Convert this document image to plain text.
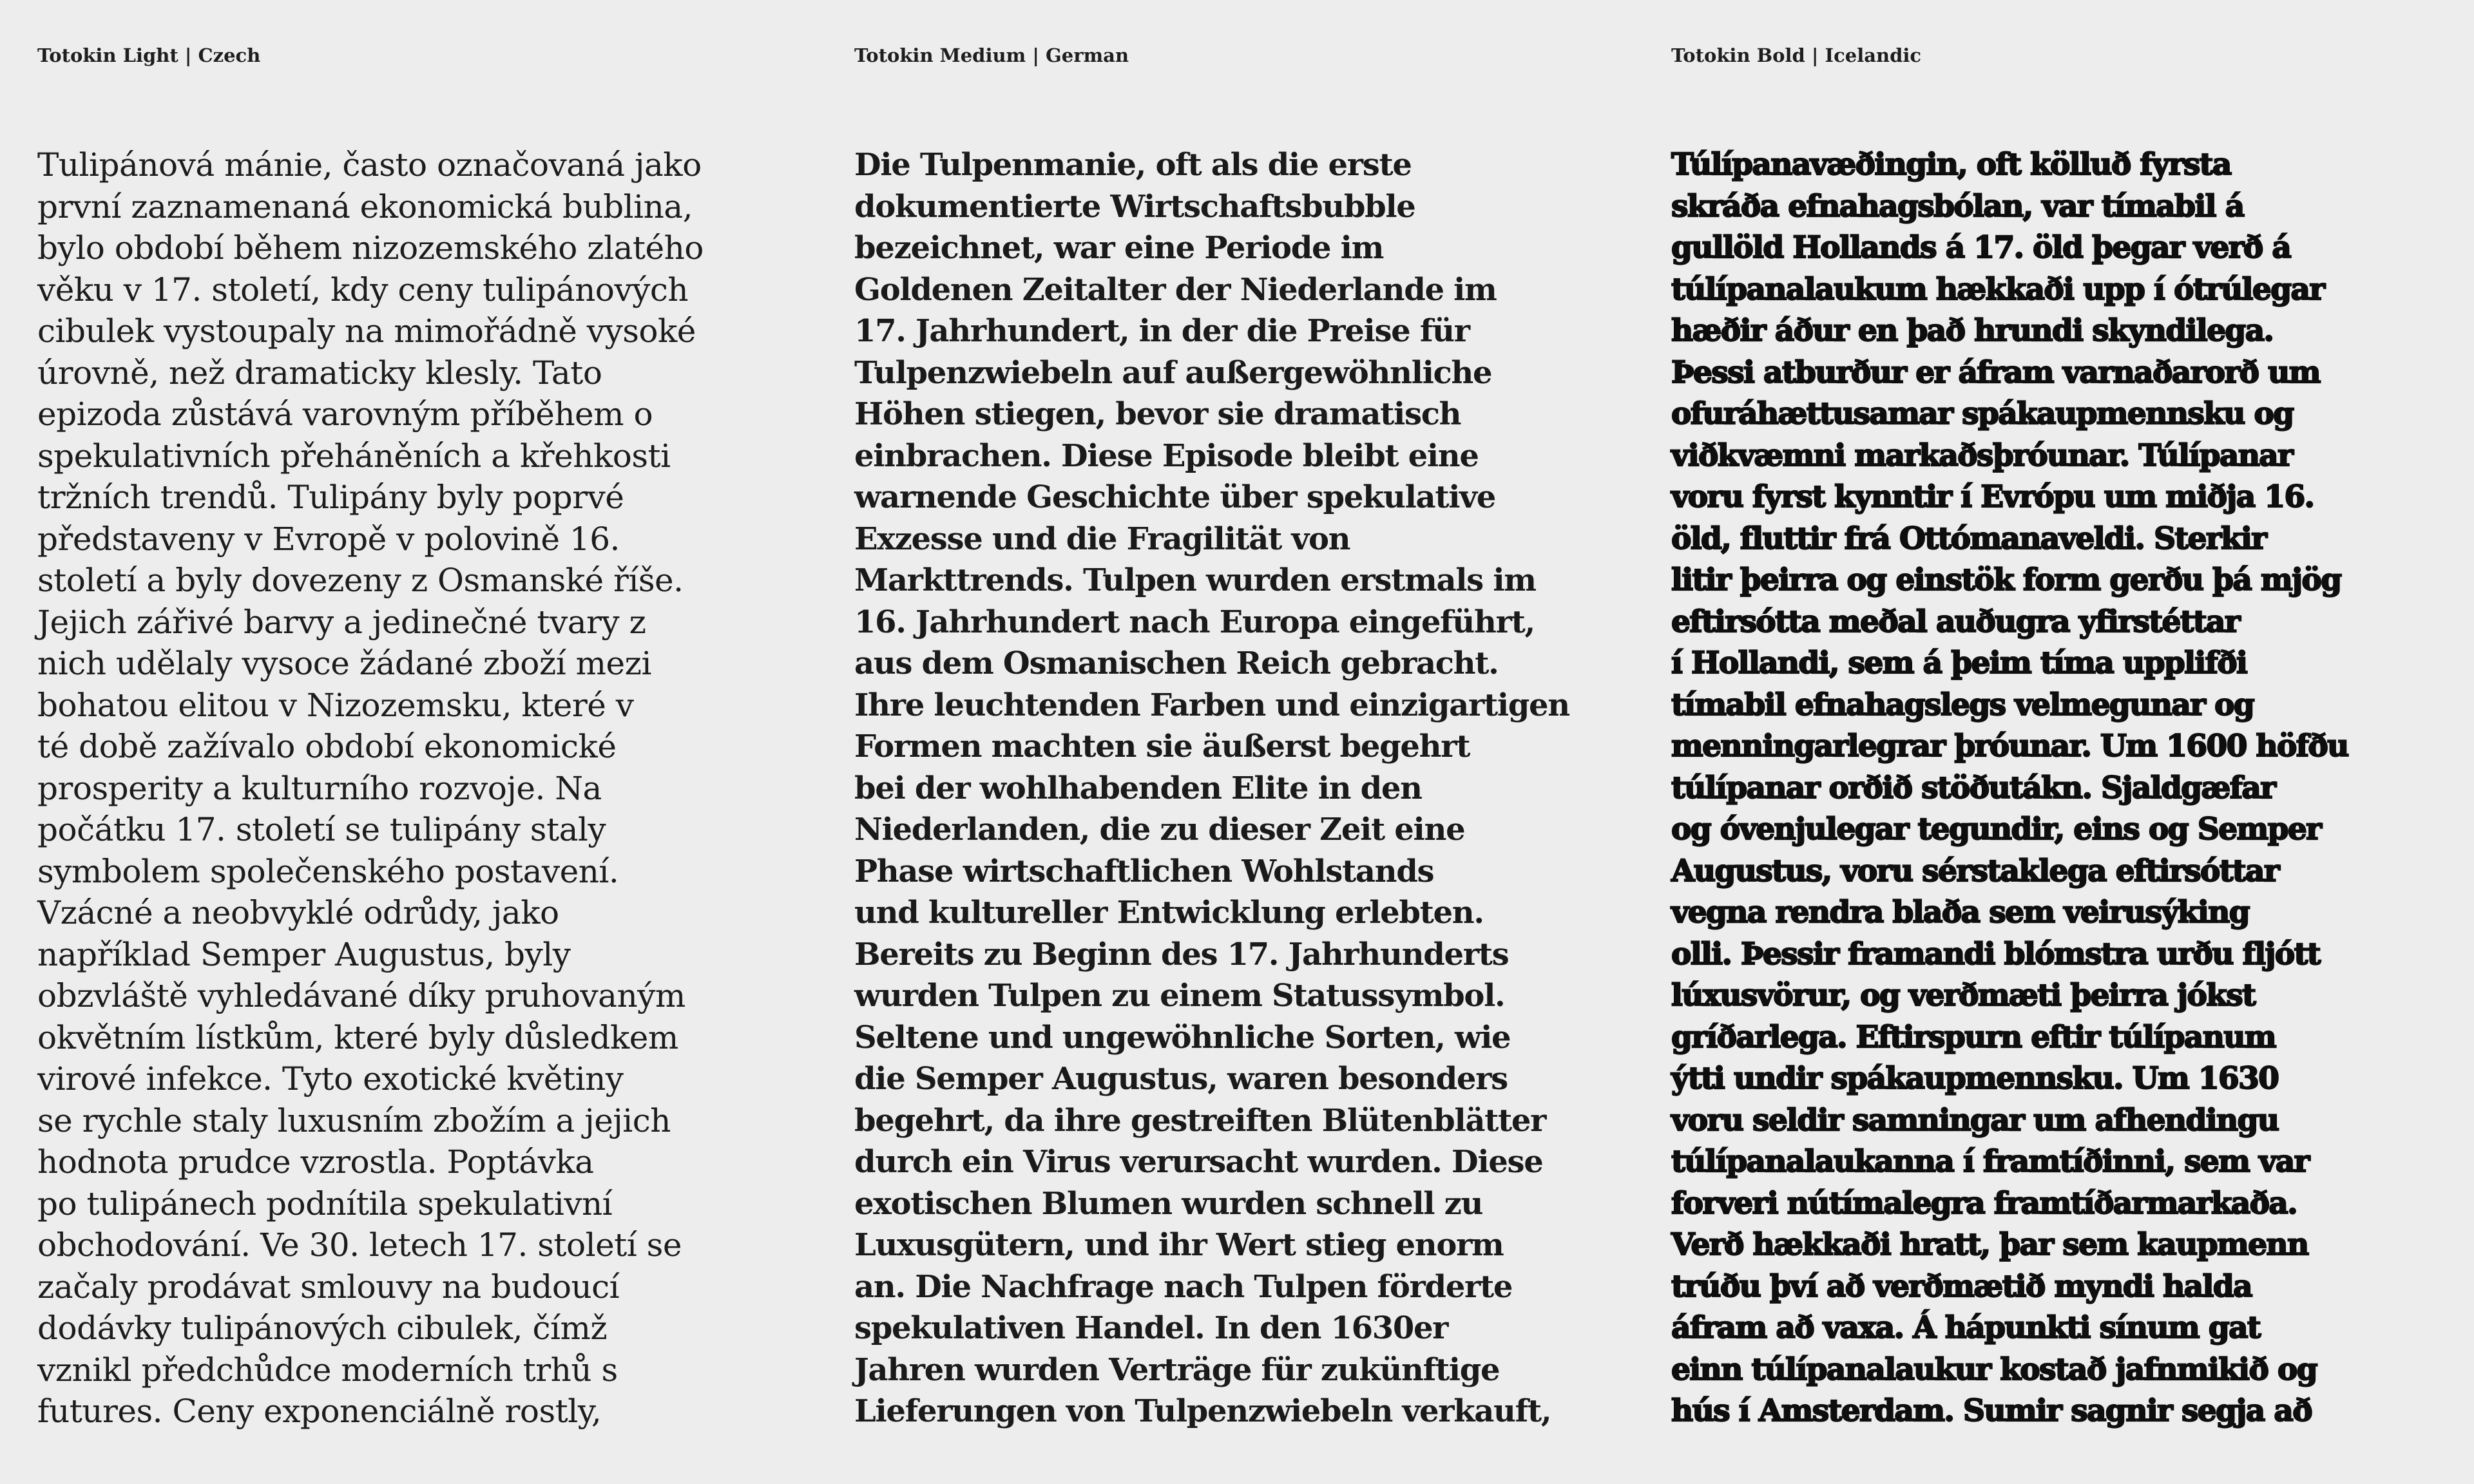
Totokin Light | Czech

Tulipánová mánie, často označovaná jako
první zaznamenaná ekonomická bublina,
bylo období během nizozemského zlatého
věku v 17. století, kdy ceny tulipánových
cibulek vystoupaly na mimořádně vysoké
úrovně, než dramaticky klesly. Tato
epizoda zůstává varovným příběhem o
spekulativních přeháněních a křehkosti
tržních trendů. Tulipány byly poprvé
představeny v Evropě v polovině 16.
století a byly dovezeny z Osmanské říše.
Jejich zářivé barvy a jedinečné tvary z
nich udělaly vysoce žádané zboží mezi
bohatou elitou v Nizozemsku, které v
té době zažívalo období ekonomické
prosperity a kulturního rozvoje. Na
počátku 17. století se tulipány staly
symbolem společenského postavení.
Vzácné a neobvyklé odrůdy, jako
například Semper Augustus, byly
obzvláště vyhledávané díky pruhovaným
okvětním lístkům, které byly důsledkem
virové infekce. Tyto exotické květiny
se rychle staly luxusním zbožím a jejich
hodnota prudce vzrostla. Poptávka
po tulipánech podnítila spekulativní
obchodování. Ve 30. letech 17. století se
začaly prodávat smlouvy na budoucí
dodávky tulipánových cibulek, čímž
vznikl předchůdce moderních trhů s
futures. Ceny exponenciálně rostly,

Totokin Medium | German

Die Tulpenmanie, oft als die erste
dokumentierte Wirtschaftsbubble
bezeichnet, war eine Periode im
Goldenen Zeitalter der Niederlande im
17. Jahrhundert, in der die Preise für
Tulpenzwiebeln auf außergewöhnliche
Höhen stiegen, bevor sie dramatisch
einbrachen. Diese Episode bleibt eine
warnende Geschichte über spekulative
Exzesse und die Fragilität von
Markttrends. Tulpen wurden erstmals im
16. Jahrhundert nach Europa eingeführt,
aus dem Osmanischen Reich gebracht.
Ihre leuchtenden Farben und einzigartigen
Formen machten sie äußerst begehrt
bei der wohlhabenden Elite in den
Niederlanden, die zu dieser Zeit eine
Phase wirtschaftlichen Wohlstands
und kultureller Entwicklung erlebten.
Bereits zu Beginn des 17. Jahrhunderts
wurden Tulpen zu einem Statussymbol.
Seltene und ungewöhnliche Sorten, wie
die Semper Augustus, waren besonders
begehrt, da ihre gestreiften Blütenblätter
durch ein Virus verursacht wurden. Diese
exotischen Blumen wurden schnell zu
Luxusgütern, und ihr Wert stieg enorm
an. Die Nachfrage nach Tulpen förderte
spekulativen Handel. In den 1630er
Jahren wurden Verträge für zukünftige
Lieferungen von Tulpenzwiebeln verkauft,

Totokin Bold | Icelandic

Túlípanavæðingin, oft kölluð fyrsta
skráða efnahagsbólan, var tímabil á
gullöld Hollands á 17. öld þegar verð á
túlípanalaukum hækkaði upp í ótrúlegar
hæðir áður en það hrundi skyndilega.
Þessi atburður er áfram varnaðarorð um
ofuráhættusamar spákaupmennsku og
viðkvæmni markaðsþróunar. Túlípanar
voru fyrst kynntir í Evrópu um miðja 16.
öld, fluttir frá Ottómanaveldi. Sterkir
litir þeirra og einstök form gerðu þá mjög
eftirsótta meðal auðugra yfirstéttar
í Hollandi, sem á þeim tíma upplifði
tímabil efnahagslegs velmegunar og
menningarlegrar þróunar. Um 1600 höfðu
túlípanar orðið stöðutákn. Sjaldgæfar
og óvenjulegar tegundir, eins og Semper
Augustus, voru sérstaklega eftirsóttar
vegna rendra blaða sem veirusýking
olli. Þessir framandi blómstra urðu fljótt
lúxusvörur, og verðmæti þeirra jókst
gríðarlega. Eftirspurn eftir túlípanum
ýtti undir spákaupmennsku. Um 1630
voru seldir samningar um afhendingu
túlípanalaukanna í framtíðinni, sem var
forveri nútímalegra framtíðarmarkaða.
Verð hækkaði hratt, þar sem kaupmenn
trúðu því að verðmætið myndi halda
áfram að vaxa. Á hápunkti sínum gat
einn túlípanalaukur kostað jafnmikið og
hús í Amsterdam. Sumir sagnir segja að
